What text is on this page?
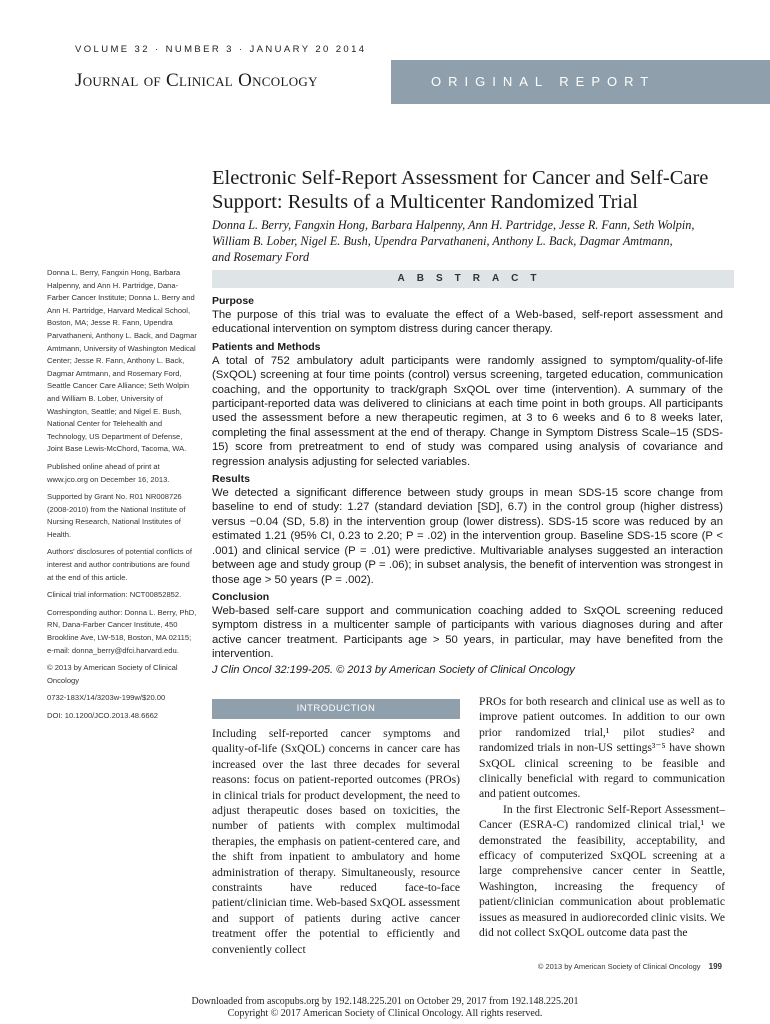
VOLUME 32 · NUMBER 3 · JANUARY 20 2014
Journal of Clinical Oncology	ORIGINAL REPORT
Electronic Self-Report Assessment for Cancer and Self-Care Support: Results of a Multicenter Randomized Trial
Donna L. Berry, Fangxin Hong, Barbara Halpenny, Ann H. Partridge, Jesse R. Fann, Seth Wolpin,
William B. Lober, Nigel E. Bush, Upendra Parvathaneni, Anthony L. Back, Dagmar Amtmann,
and Rosemary Ford

Donna L. Berry, Fangxin Hong, Barbara Halpenny, and Ann H. Partridge, Dana-Farber Cancer Institute; Donna L. Berry and Ann H. Partridge, Harvard Medical School, Boston, MA; Jesse R. Fann, Upendra Parvathaneni, Anthony L. Back, and Dagmar Amtmann, University of Washington Medical Center; Jesse R. Fann, Anthony L. Back, Dagmar Amtmann, and Rosemary Ford, Seattle Cancer Care Alliance; Seth Wolpin and William B. Lober, University of Washington, Seattle; and Nigel E. Bush, National Center for Telehealth and Technology, US Department of Defense, Joint Base Lewis-McChord, Tacoma, WA.

Published online ahead of print at www.jco.org on December 16, 2013.

Supported by Grant No. R01 NR008726 (2008-2010) from the National Institute of Nursing Research, National Institutes of Health.

Authors' disclosures of potential conflicts of interest and author contributions are found at the end of this article.

Clinical trial information: NCT00852852.

Corresponding author: Donna L. Berry, PhD, RN, Dana-Farber Cancer Institute, 450 Brookline Ave, LW-518, Boston, MA 02115; e-mail: donna_berry@dfci.harvard.edu.

© 2013 by American Society of Clinical Oncology

0732-183X/14/3203w-199w/$20.00

DOI: 10.1200/JCO.2013.48.6662

ABSTRACT

Purpose

The purpose of this trial was to evaluate the effect of a Web-based, self-report assessment and educational intervention on symptom distress during cancer therapy.

Patients and Methods

A total of 752 ambulatory adult participants were randomly assigned to symptom/quality-of-life (SxQOL) screening at four time points (control) versus screening, targeted education, communication coaching, and the opportunity to track/graph SxQOL over time (intervention). A summary of the participant-reported data was delivered to clinicians at each time point in both groups. All participants used the assessment before a new therapeutic regimen, at 3 to 6 weeks and 6 to 8 weeks later, completing the final assessment at the end of therapy. Change in Symptom Distress Scale–15 (SDS-15) score from pretreatment to end of study was compared using analysis of covariance and regression analysis adjusting for selected variables.

Results

We detected a significant difference between study groups in mean SDS-15 score change from baseline to end of study: 1.27 (standard deviation [SD], 6.7) in the control group (higher distress) versus −0.04 (SD, 5.8) in the intervention group (lower distress). SDS-15 score was reduced by an estimated 1.21 (95% CI, 0.23 to 2.20; P = .02) in the intervention group. Baseline SDS-15 score (P < .001) and clinical service (P = .01) were predictive. Multivariable analyses suggested an interaction between age and study group (P = .06); in subset analysis, the benefit of intervention was strongest in those age > 50 years (P = .002).

Conclusion

Web-based self-care support and communication coaching added to SxQOL screening reduced symptom distress in a multicenter sample of participants with various diagnoses during and after active cancer treatment. Participants age > 50 years, in particular, may have benefited from the intervention.

J Clin Oncol 32:199-205. © 2013 by American Society of Clinical Oncology
INTRODUCTION
Including self-reported cancer symptoms and quality-of-life (SxQOL) concerns in cancer care has increased over the last three decades for several reasons: focus on patient-reported outcomes (PROs) in clinical trials for product development, the need to adjust therapeutic doses based on toxicities, the number of patients with complex multimodal therapies, the emphasis on patient-centered care, and the shift from inpatient to ambulatory and home administration of therapy. Simultaneously, resource constraints have reduced face-to-face patient/clinician time. Web-based SxQOL assessment and support of patients during active cancer treatment offer the potential to efficiently and conveniently collect
PROs for both research and clinical use as well as to improve patient outcomes. In addition to our own prior randomized trial,¹ pilot studies² and randomized trials in non-US settings³⁻⁵ have shown SxQOL clinical screening to be feasible and clinically beneficial with regard to communication and patient outcomes.
In the first Electronic Self-Report Assessment–Cancer (ESRA-C) randomized clinical trial,¹ we demonstrated the feasibility, acceptability, and efficacy of computerized SxQOL screening at a large comprehensive cancer center in Seattle, Washington, increasing the frequency of patient/clinician communication about problematic issues as measured in audiorecorded clinic visits. We did not collect SxQOL outcome data past the
© 2013 by American Society of Clinical Oncology 199
Downloaded from ascopubs.org by 192.148.225.201 on October 29, 2017 from 192.148.225.201
Copyright © 2017 American Society of Clinical Oncology. All rights reserved.
